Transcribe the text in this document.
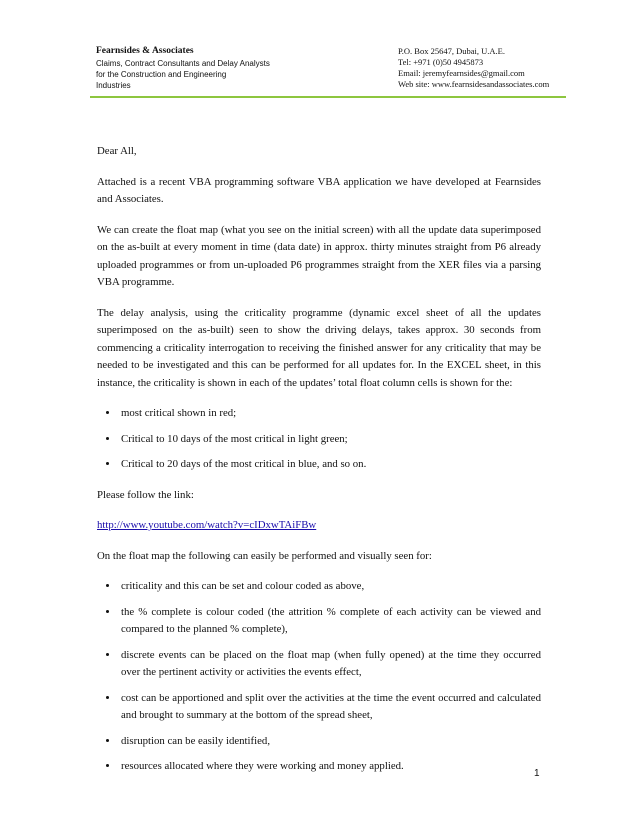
Fearnsides & Associates
Claims, Contract Consultants and Delay Analysts
for the Construction and Engineering
Industries
P.O. Box 25647, Dubai, U.A.E.
Tel: +971 (0)50 4945873
Email: jeremyfearnsides@gmail.com
Web site: www.fearnsidesandassociates.com

Dear All,

Attached is a recent VBA programming software VBA application we have developed at Fearnsides and Associates.

We can create the float map (what you see on the initial screen) with all the update data superimposed on the as-built at every moment in time (data date) in approx. thirty minutes straight from P6 already uploaded programmes or from un-uploaded P6 programmes straight from the XER files via a parsing VBA programme.

The delay analysis, using the criticality programme (dynamic excel sheet of all the updates superimposed on the as-built) seen to show the driving delays, takes approx. 30 seconds from commencing a criticality interrogation to receiving the finished answer for any criticality that may be needed to be investigated and this can be performed for all updates for. In the EXCEL sheet, in this instance, the criticality is shown in each of the updates’ total float column cells is shown for the:

• most critical shown in red;
• Critical to 10 days of the most critical in light green;
• Critical to 20 days of the most critical in blue, and so on.

Please follow the link:

http://www.youtube.com/watch?v=cIDxwTAiFBw

On the float map the following can easily be performed and visually seen for:

• criticality and this can be set and colour coded as above,
• the % complete is colour coded (the attrition % complete of each activity can be viewed and compared to the planned % complete),
• discrete events can be placed on the float map (when fully opened) at the time they occurred over the pertinent activity or activities the events effect,
• cost can be apportioned and split over the activities at the time the event occurred and calculated and brought to summary at the bottom of the spread sheet,
• disruption can be easily identified,
• resources allocated where they were working and money applied.
1
